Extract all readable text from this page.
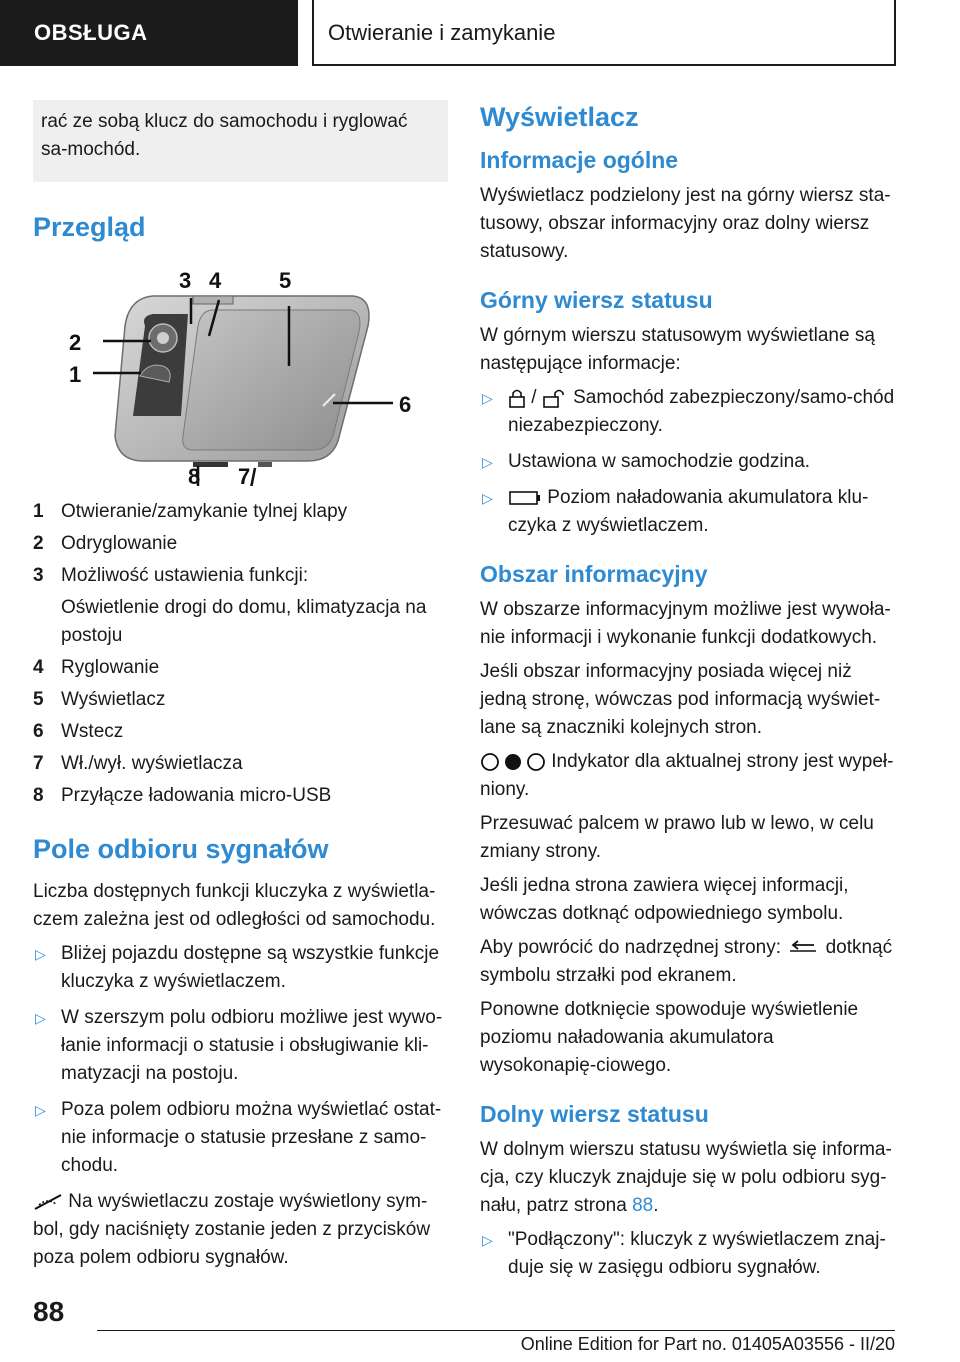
OBSŁUGA	Otwieranie i zamykanie
rać ze sobą klucz do samochodu i ryglować sa-mochód.
Przegląd
3 4	5
2
1
6
8 7
1 Otwieranie/zamykanie tylnej klapy
2 Odryglowanie
3 Możliwość ustawienia funkcji:
Oświetlenie drogi do domu, klimatyzacja na postoju
4 Ryglowanie
5 Wyświetlacz
6 Wstecz
7 Wł./wył. wyświetlacza
8 Przyłącze ładowania micro-USB
Pole odbioru sygnałów

Liczba dostępnych funkcji kluczyka z wyświetla-czem zależna jest od odległości od samochodu.

▷ Bliżej pojazdu dostępne są wszystkie funkcje kluczyka z wyświetlaczem.
▷ W szerszym polu odbioru możliwe jest wywo-łanie informacji o statusie i obsługiwanie kli-matyzacji na postoju.
▷ Poza polem odbioru można wyświetlać ostat-nie informacje o statusie przesłane z samo-chodu.

Na wyświetlaczu zostaje wyświetlony sym-bol, gdy naciśnięty zostanie jeden z przycisków poza polem odbioru sygnałów.

Wyświetlacz
Informacje ogólne

Wyświetlacz podzielony jest na górny wiersz sta-tusowy, obszar informacyjny oraz dolny wiersz statusowy.

Górny wiersz statusu

W górnym wierszu statusowym wyświetlane są następujące informacje:

▷ / Samochód zabezpieczony/samo-chód niezabezpieczony.
▷ Ustawiona w samochodzie godzina.
▷	Poziom naładowania akumulatora klu-czyka z wyświetlaczem.
Obszar informacyjny

W obszarze informacyjnym możliwe jest wywoła-nie informacji i wykonanie funkcji dodatkowych.

Jeśli obszar informacyjny posiada więcej niż jedną stronę, wówczas pod informacją wyświet-lane są znaczniki kolejnych stron.

Indykator dla aktualnej strony jest wypeł-niony.

Przesuwać palcem w prawo lub w lewo, w celu zmiany strony.

Jeśli jedna strona zawiera więcej informacji, wówczas dotknąć odpowiedniego symbolu.

Aby powrócić do nadrzędnej strony: dotknąć symbolu strzałki pod ekranem.

Ponowne dotknięcie spowoduje wyświetlenie poziomu naładowania akumulatora wysokonapię-ciowego.

Dolny wiersz statusu

W dolnym wierszu statusu wyświetla się informa-cja, czy kluczyk znajduje się w polu odbioru syg-nału, patrz strona 88.

▷ "Podłączony": kluczyk z wyświetlaczem znaj-duje się w zasięgu odbioru sygnałów.
88
Online Edition for Part no. 01405A03556 - II/20
